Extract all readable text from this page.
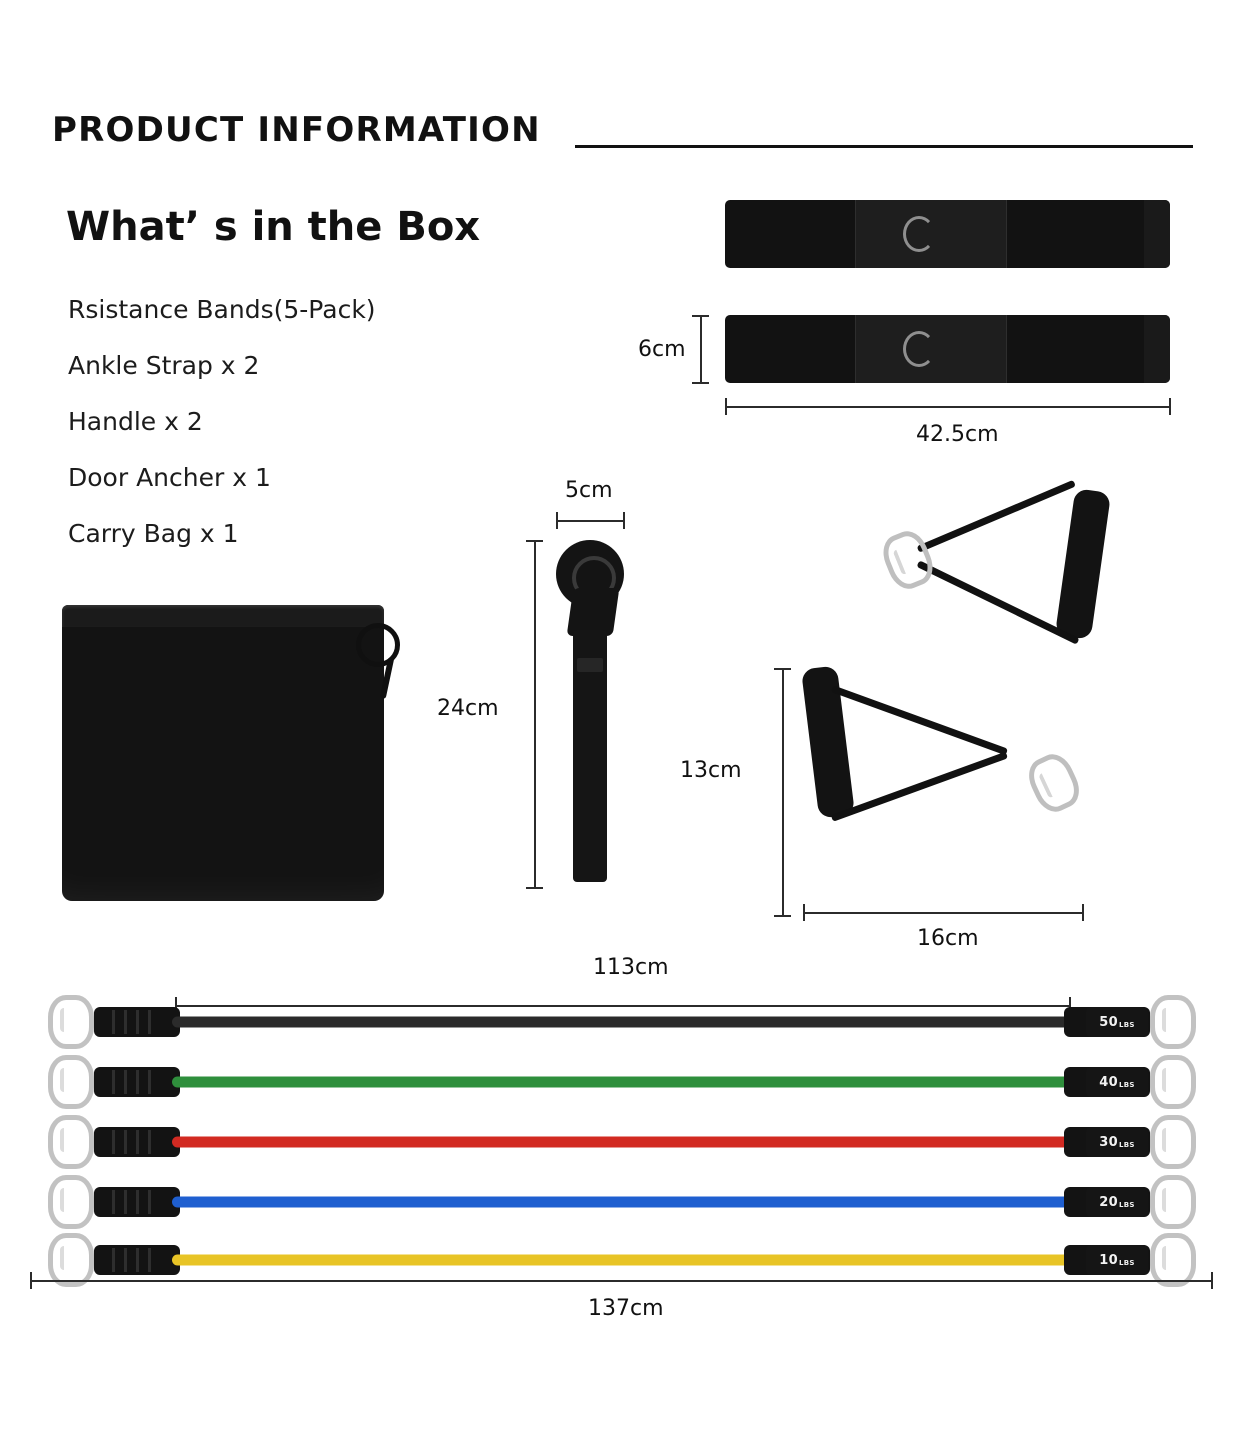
PRODUCT INFORMATION
What’ s in the Box
Rsistance Bands(5-Pack)
Ankle Strap x 2
Handle x 2
Door Ancher x 1
Carry Bag x 1
6cm
42.5cm
5cm
24cm
13cm
16cm
113cm
$50_{LBS}$
$40_{LBS}$
$30_{LBS}$
$20_{LBS}$
$10_{LBS}$
137cm
